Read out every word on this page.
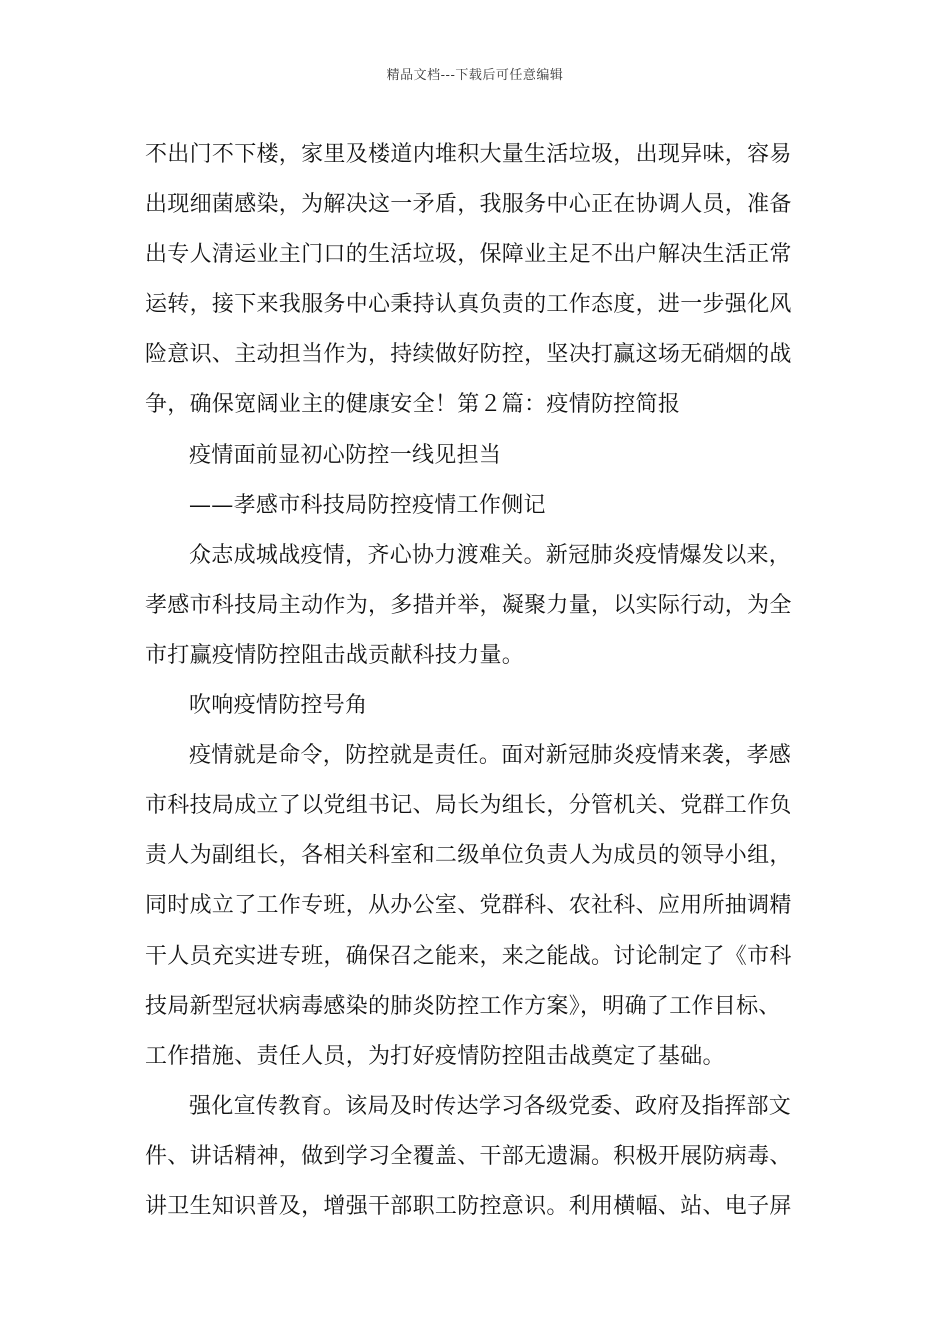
精品文档---下载后可任意编辑
不出门不下楼，家里及楼道内堆积大量生活垃圾，出现异味，容易
出现细菌感染，为解决这一矛盾，我服务中心正在协调人员，准备
出专人清运业主门口的生活垃圾，保障业主足不出户解决生活正常
运转，接下来我服务中心秉持认真负责的工作态度，进一步强化风
险意识、主动担当作为，持续做好防控，坚决打赢这场无硝烟的战
争，确保宽阔业主的健康安全！第２篇：疫情防控简报
疫情面前显初心防控一线见担当
——孝感市科技局防控疫情工作侧记
众志成城战疫情，齐心协力渡难关。新冠肺炎疫情爆发以来，
孝感市科技局主动作为，多措并举，凝聚力量，以实际行动，为全
市打赢疫情防控阻击战贡献科技力量。
吹响疫情防控号角
疫情就是命令，防控就是责任。面对新冠肺炎疫情来袭，孝感
市科技局成立了以党组书记、局长为组长，分管机关、党群工作负
责人为副组长，各相关科室和二级单位负责人为成员的领导小组，
同时成立了工作专班，从办公室、党群科、农社科、应用所抽调精
干人员充实进专班，确保召之能来，来之能战。讨论制定了《市科
技局新型冠状病毒感染的肺炎防控工作方案》，明确了工作目标、
工作措施、责任人员，为打好疫情防控阻击战奠定了基础。
强化宣传教育。该局及时传达学习各级党委、政府及指挥部文
件、讲话精神，做到学习全覆盖、干部无遗漏。积极开展防病毒、
讲卫生知识普及，增强干部职工防控意识。利用横幅、站、电子屏
